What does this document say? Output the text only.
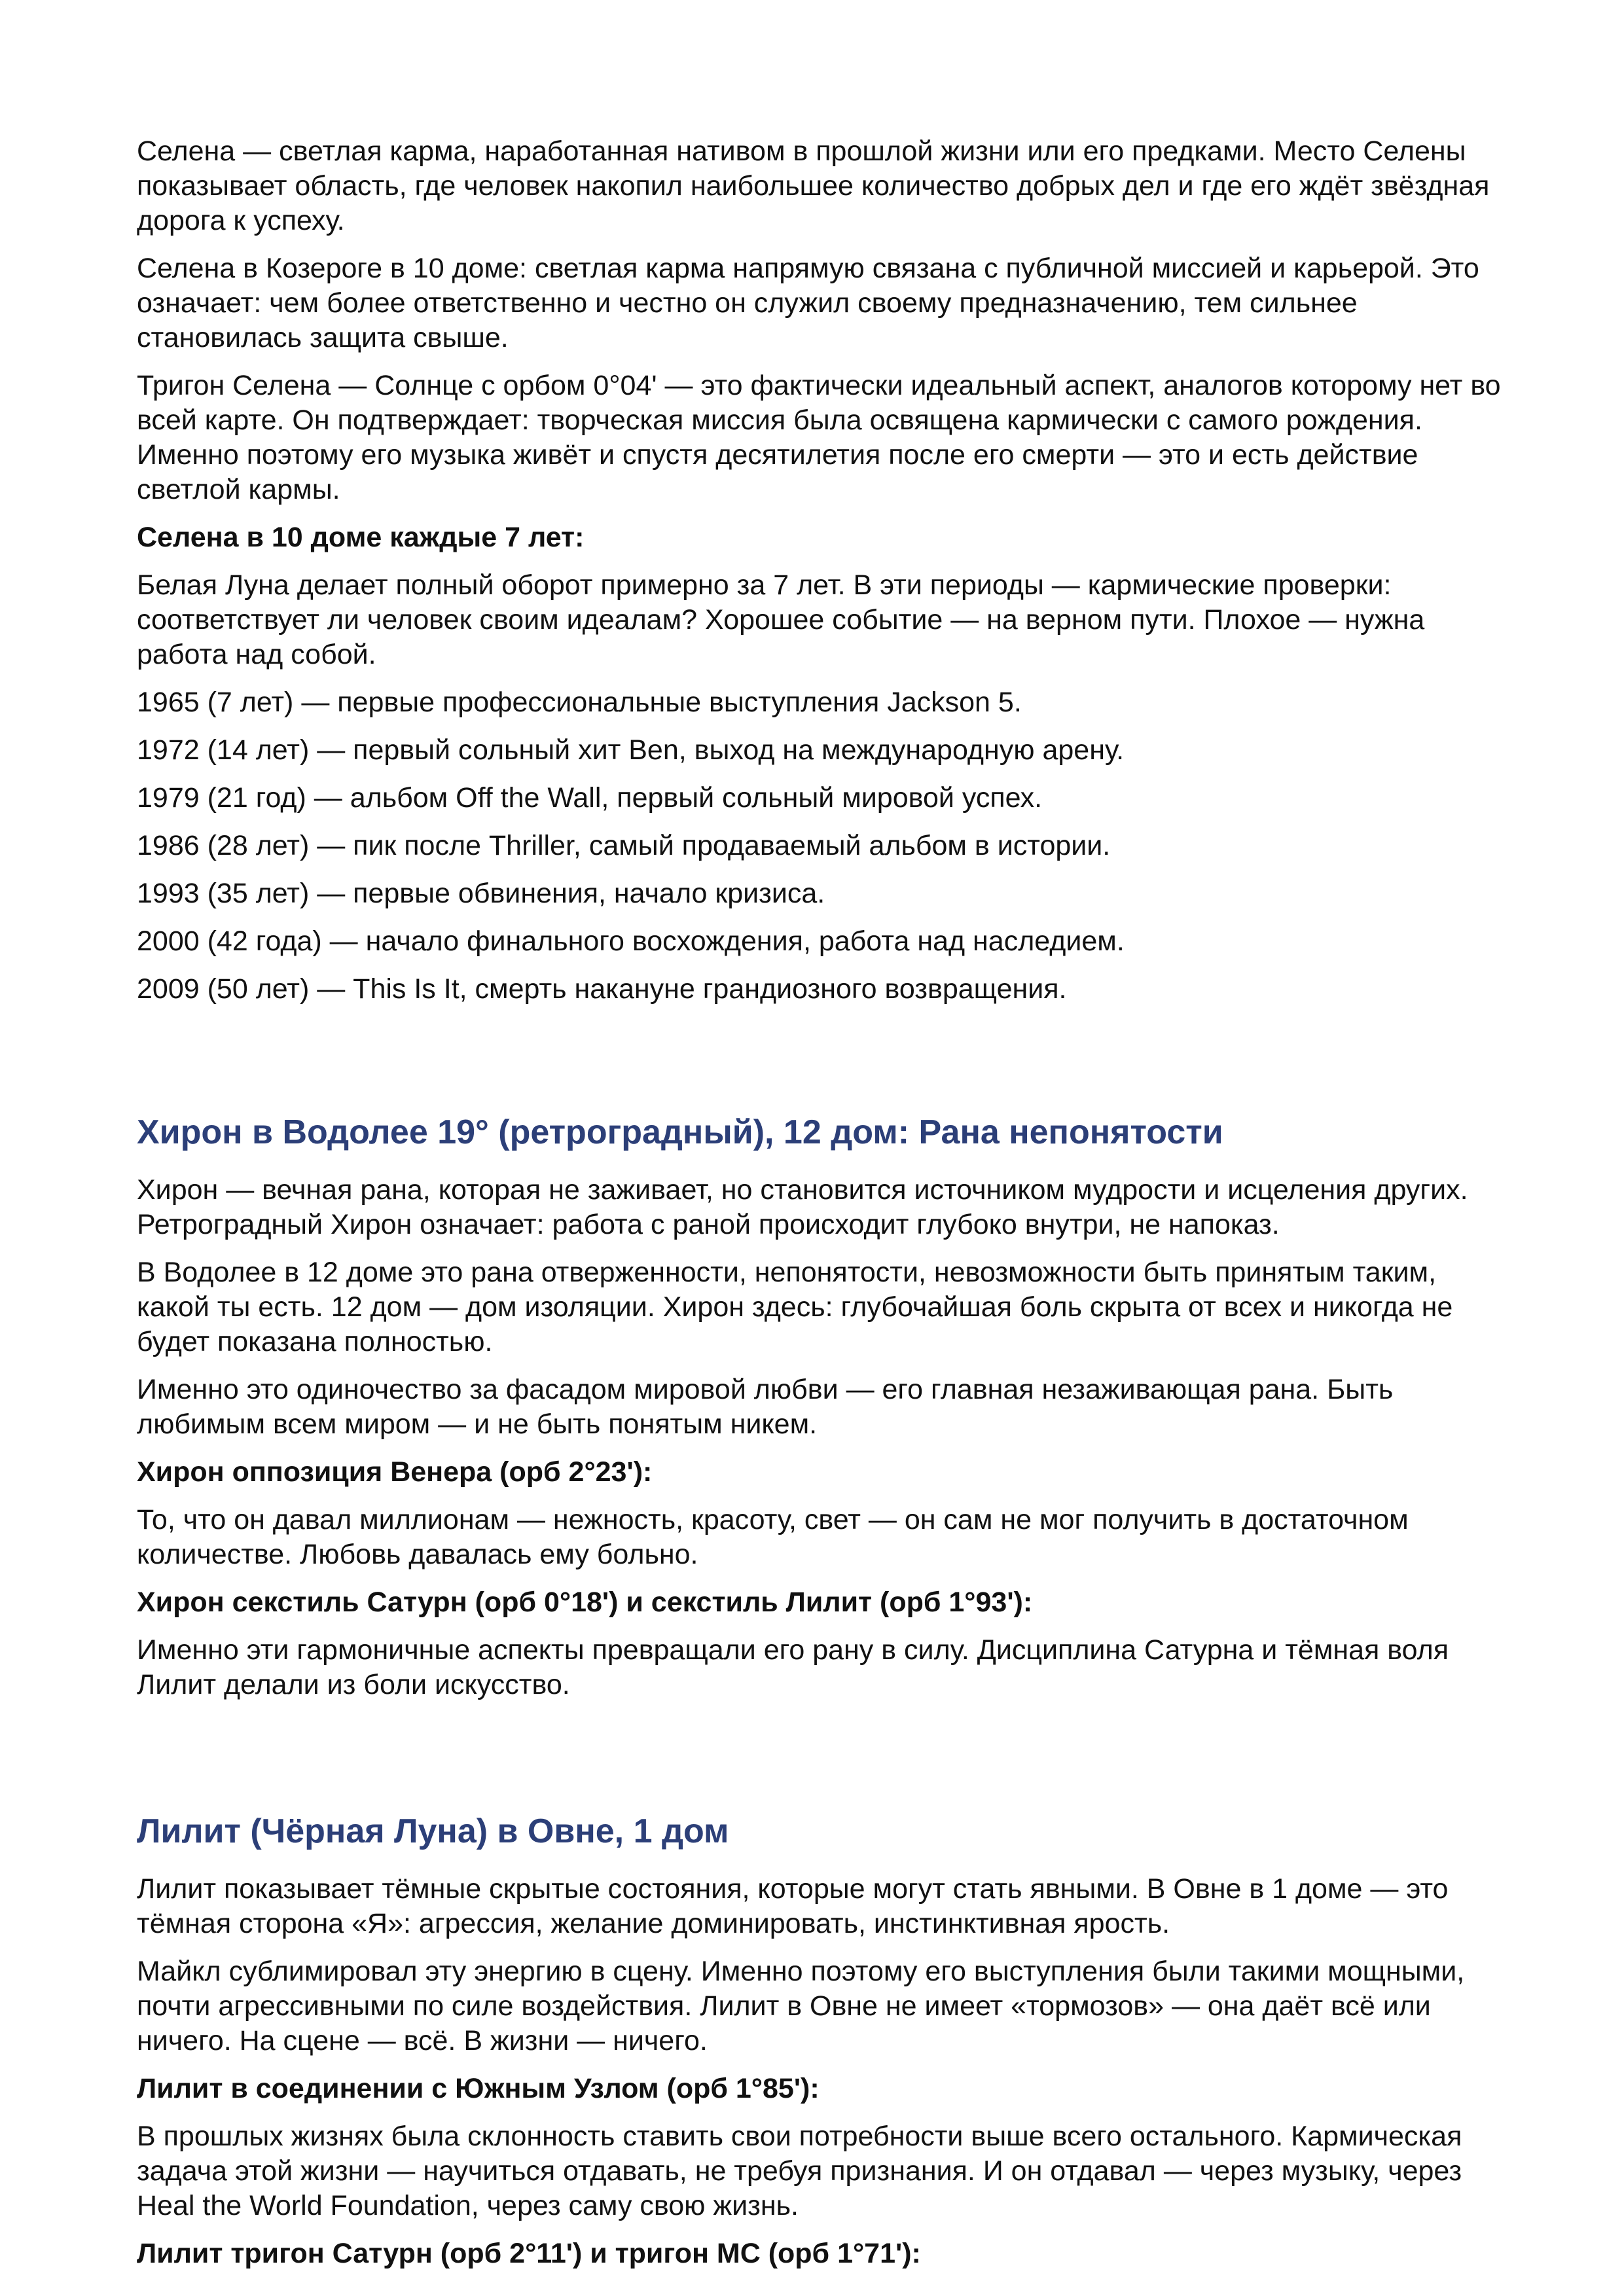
Селена — светлая карма, наработанная нативом в прошлой жизни или его предками. Место Селены показывает область, где человек накопил наибольшее количество добрых дел и где его ждёт звёздная дорога к успеху.

Селена в Козероге в 10 доме: светлая карма напрямую связана с публичной миссией и карьерой. Это означает: чем более ответственно и честно он служил своему предназначению, тем сильнее становилась защита свыше.

Тригон Селена — Солнце с орбом 0°04' — это фактически идеальный аспект, аналогов которому нет во всей карте. Он подтверждает: творческая миссия была освящена кармически с самого рождения. Именно поэтому его музыка живёт и спустя десятилетия после его смерти — это и есть действие светлой кармы.

Селена в 10 доме каждые 7 лет:

Белая Луна делает полный оборот примерно за 7 лет. В эти периоды — кармические проверки: соответствует ли человек своим идеалам? Хорошее событие — на верном пути. Плохое — нужна работа над собой.

1965 (7 лет) — первые профессиональные выступления Jackson 5.

1972 (14 лет) — первый сольный хит Ben, выход на международную арену.

1979 (21 год) — альбом Off the Wall, первый сольный мировой успех.

1986 (28 лет) — пик после Thriller, самый продаваемый альбом в истории.

1993 (35 лет) — первые обвинения, начало кризиса.

2000 (42 года) — начало финального восхождения, работа над наследием.

2009 (50 лет) — This Is It, смерть накануне грандиозного возвращения.

Хирон в Водолее 19° (ретроградный), 12 дом: Рана непонятости

Хирон — вечная рана, которая не заживает, но становится источником мудрости и исцеления других. Ретроградный Хирон означает: работа с раной происходит глубоко внутри, не напоказ.

В Водолее в 12 доме это рана отверженности, непонятости, невозможности быть принятым таким, какой ты есть. 12 дом — дом изоляции. Хирон здесь: глубочайшая боль скрыта от всех и никогда не будет показана полностью.

Именно это одиночество за фасадом мировой любви — его главная незаживающая рана. Быть любимым всем миром — и не быть понятым никем.

Хирон оппозиция Венера (орб 2°23'):

То, что он давал миллионам — нежность, красоту, свет — он сам не мог получить в достаточном количестве. Любовь давалась ему больно.

Хирон секстиль Сатурн (орб 0°18') и секстиль Лилит (орб 1°93'):

Именно эти гармоничные аспекты превращали его рану в силу. Дисциплина Сатурна и тёмная воля Лилит делали из боли искусство.

Лилит (Чёрная Луна) в Овне, 1 дом

Лилит показывает тёмные скрытые состояния, которые могут стать явными. В Овне в 1 доме — это тёмная сторона «Я»: агрессия, желание доминировать, инстинктивная ярость.

Майкл сублимировал эту энергию в сцену. Именно поэтому его выступления были такими мощными, почти агрессивными по силе воздействия. Лилит в Овне не имеет «тормозов» — она даёт всё или ничего. На сцене — всё. В жизни — ничего.

Лилит в соединении с Южным Узлом (орб 1°85'):

В прошлых жизнях была склонность ставить свои потребности выше всего остального. Кармическая задача этой жизни — научиться отдавать, не требуя признания. И он отдавал — через музыку, через Heal the World Foundation, через саму свою жизнь.

Лилит тригон Сатурн (орб 2°11') и тригон МС (орб 1°71'):
